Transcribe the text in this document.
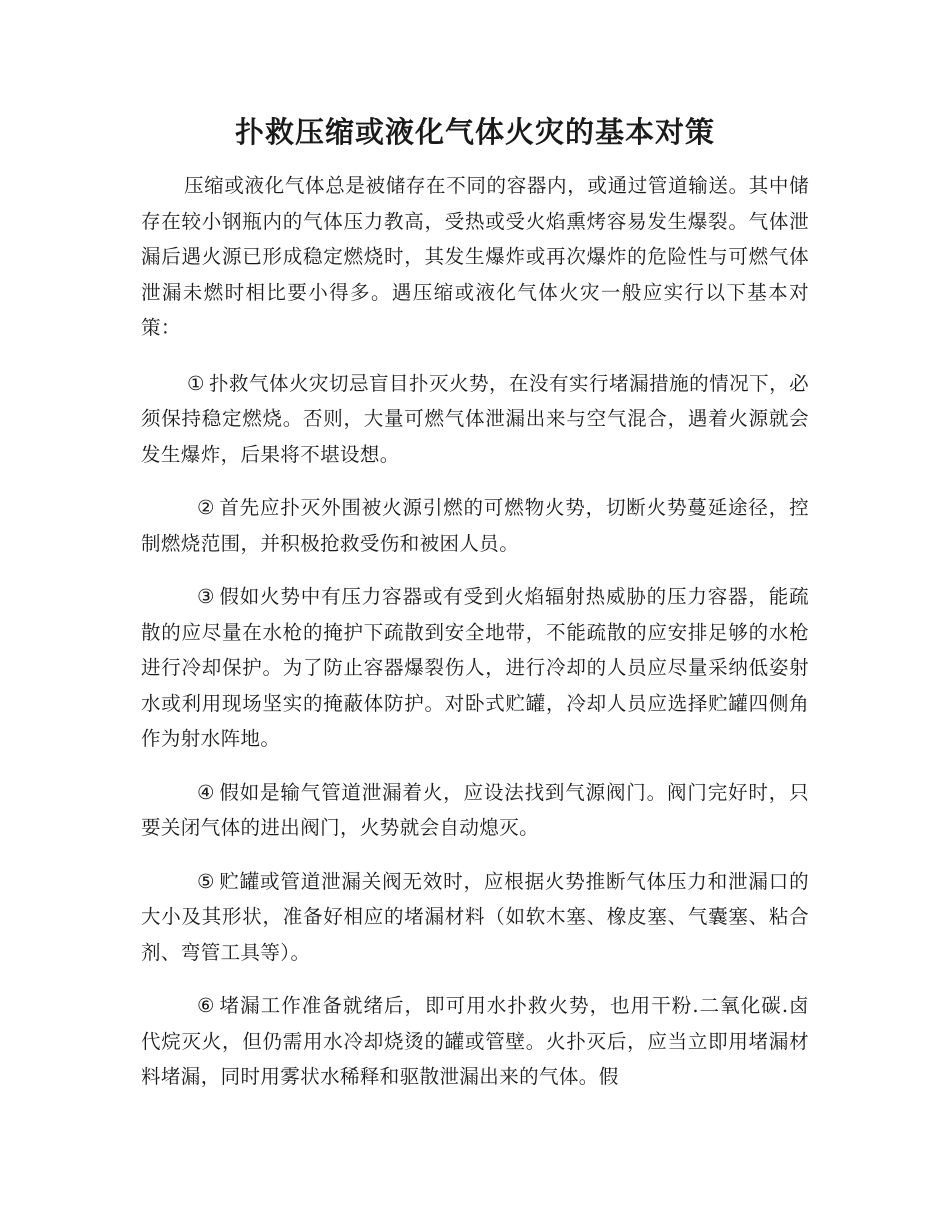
扑救压缩或液化气体火灾的基本对策

压缩或液化气体总是被储存在不同的容器内，或通过管道输送。其中储存在较小钢瓶内的气体压力教高，受热或受火焰熏烤容易发生爆裂。气体泄漏后遇火源已形成稳定燃烧时，其发生爆炸或再次爆炸的危险性与可燃气体泄漏未燃时相比要小得多。遇压缩或液化气体火灾一般应实行以下基本对策：

① 扑救气体火灾切忌盲目扑灭火势，在没有实行堵漏措施的情况下，必须保持稳定燃烧。否则，大量可燃气体泄漏出来与空气混合，遇着火源就会发生爆炸，后果将不堪设想。

② 首先应扑灭外围被火源引燃的可燃物火势，切断火势蔓延途径，控制燃烧范围，并积极抢救受伤和被困人员。

③ 假如火势中有压力容器或有受到火焰辐射热威胁的压力容器，能疏散的应尽量在水枪的掩护下疏散到安全地带，不能疏散的应安排足够的水枪进行冷却保护。为了防止容器爆裂伤人，进行冷却的人员应尽量采纳低姿射水或利用现场坚实的掩蔽体防护。对卧式贮罐，冷却人员应选择贮罐四侧角作为射水阵地。

④ 假如是输气管道泄漏着火，应设法找到气源阀门。阀门完好时，只要关闭气体的进出阀门，火势就会自动熄灭。

⑤ 贮罐或管道泄漏关阀无效时，应根据火势推断气体压力和泄漏口的大小及其形状，准备好相应的堵漏材料（如软木塞、橡皮塞、气囊塞、粘合剂、弯管工具等）。

⑥ 堵漏工作准备就绪后，即可用水扑救火势，也用干粉.二氧化碳.卤代烷灭火，但仍需用水冷却烧烫的罐或管壁。火扑灭后，应当立即用堵漏材料堵漏，同时用雾状水稀释和驱散泄漏出来的气体。假
